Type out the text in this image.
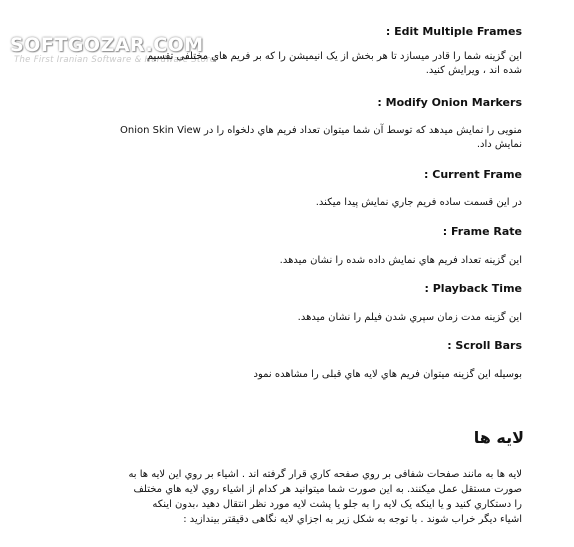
SOFTGOZAR.COM
The First Iranian Software & Hardware Store
Edit Multiple Frames :
این گزینه شما را قادر میسازد تا هر بخش از یک انیمیشن را که بر فریم هاي مختلفی تقسیم
شده اند ، ویرایش کنید.
Modify Onion Markers :
منویی را نمایش میدهد که توسط آن شما میتوان تعداد فریم هاي دلخواه را در Onion Skin View
نمایش داد.
Current Frame :
در این قسمت ساده فریم جاري نمایش پیدا میکند.
Frame Rate :
این گزینه تعداد فریم هاي نمایش داده شده را نشان میدهد.
Playback Time :
این گزینه مدت زمان سپري شدن فیلم را نشان میدهد.
Scroll Bars :
بوسیله این گزینه میتوان فریم هاي لایه هاي قبلی را مشاهده نمود
لایه ها
لایه ها به مانند صفحات شفافی بر روي صفحه کاري قرار گرفته اند . اشیاء بر روي این لایه ها به
صورت مستقل عمل میکنند. به این صورت شما میتوانید هر کدام از اشیاء روي لایه هاي مختلف
را دستکاري کنید و یا اینکه یک لایه را به جلو یا پشت لایه مورد نظر انتقال دهید ،بدون اینکه
اشیاء دیگر خراب شوند . با توجه به شکل زیر به اجزاي لایه نگاهی دقیقتر بیندازید :
